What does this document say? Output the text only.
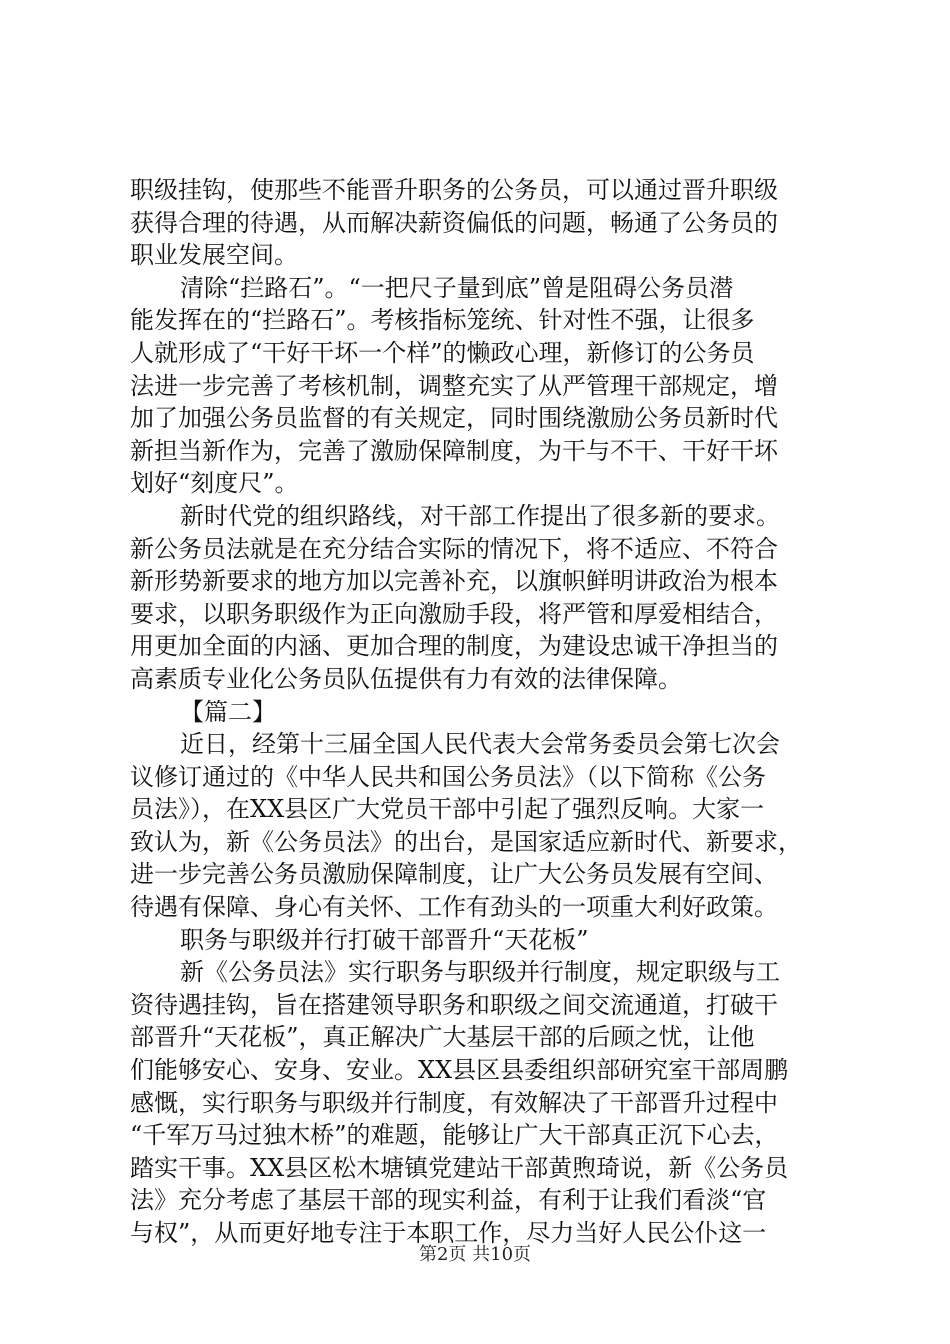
职级挂钩，使那些不能晋升职务的公务员，可以通过晋升职级
获得合理的待遇，从而解决薪资偏低的问题，畅通了公务员的
职业发展空间。
清除“拦路石”。“一把尺子量到底”曾是阻碍公务员潜
能发挥在的“拦路石”。考核指标笼统、针对性不强，让很多
人就形成了“干好干坏一个样”的懒政心理，新修订的公务员
法进一步完善了考核机制，调整充实了从严管理干部规定，增
加了加强公务员监督的有关规定，同时围绕激励公务员新时代
新担当新作为，完善了激励保障制度，为干与不干、干好干坏
划好“刻度尺”。
新时代党的组织路线，对干部工作提出了很多新的要求。
新公务员法就是在充分结合实际的情况下，将不适应、不符合
新形势新要求的地方加以完善补充，以旗帜鲜明讲政治为根本
要求，以职务职级作为正向激励手段，将严管和厚爱相结合，
用更加全面的内涵、更加合理的制度，为建设忠诚干净担当的
高素质专业化公务员队伍提供有力有效的法律保障。
【篇二】
近日，经第十三届全国人民代表大会常务委员会第七次会
议修订通过的《中华人民共和国公务员法》（以下简称《公务
员法》），在XX县区广大党员干部中引起了强烈反响。大家一
致认为，新《公务员法》的出台，是国家适应新时代、新要求，
进一步完善公务员激励保障制度，让广大公务员发展有空间、
待遇有保障、身心有关怀、工作有劲头的一项重大利好政策。
职务与职级并行打破干部晋升“天花板”
新《公务员法》实行职务与职级并行制度，规定职级与工
资待遇挂钩，旨在搭建领导职务和职级之间交流通道，打破干
部晋升“天花板”，真正解决广大基层干部的后顾之忧，让他
们能够安心、安身、安业。XX县区县委组织部研究室干部周鹏
感慨，实行职务与职级并行制度，有效解决了干部晋升过程中
“千军万马过独木桥”的难题，能够让广大干部真正沉下心去，
踏实干事。XX县区松木塘镇党建站干部黄煦琦说，新《公务员
法》充分考虑了基层干部的现实利益，有利于让我们看淡“官
与权”，从而更好地专注于本职工作，尽力当好人民公仆这一
第2页 共10页
